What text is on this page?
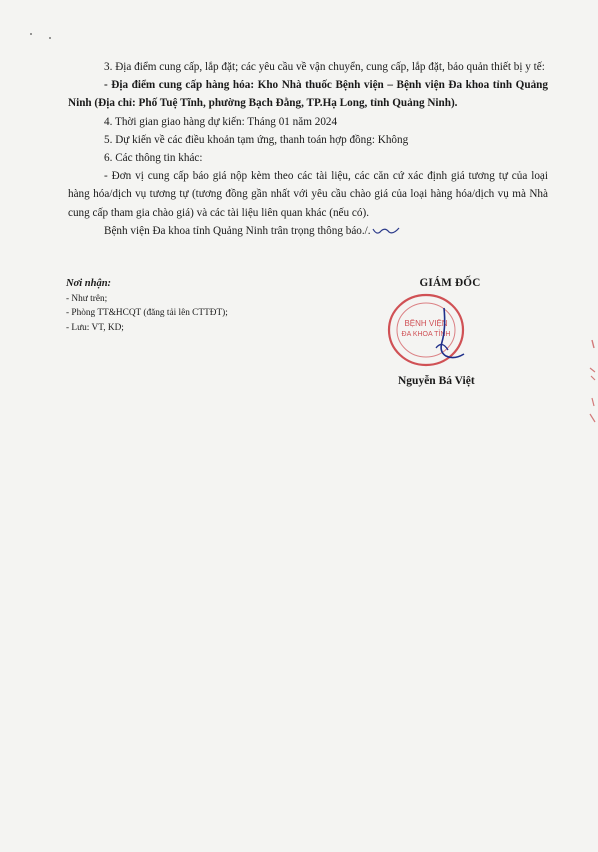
3. Địa điểm cung cấp, lắp đặt; các yêu cầu về vận chuyển, cung cấp, lắp đặt, bảo quản thiết bị y tế:

- Địa điểm cung cấp hàng hóa: Kho Nhà thuốc Bệnh viện – Bệnh viện Đa khoa tỉnh Quảng Ninh (Địa chỉ: Phố Tuệ Tĩnh, phường Bạch Đằng, TP.Hạ Long, tỉnh Quảng Ninh).

4. Thời gian giao hàng dự kiến: Tháng 01 năm 2024

5. Dự kiến về các điều khoản tạm ứng, thanh toán hợp đồng: Không

6. Các thông tin khác:

- Đơn vị cung cấp báo giá nộp kèm theo các tài liệu, các căn cứ xác định giá tương tự của loại hàng hóa/dịch vụ tương tự (tương đồng gần nhất với yêu cầu chào giá của loại hàng hóa/dịch vụ mà Nhà cung cấp tham gia chào giá) và các tài liệu liên quan khác (nếu có).

Bệnh viện Đa khoa tỉnh Quảng Ninh trân trọng thông báo./.

Nơi nhận:
- Như trên;
- Phòng TT&HCQT (đăng tải lên CTTĐT);
- Lưu: VT, KD;
GIÁM ĐỐC
BỆNH VIỆN
ĐA KHOA TỈNH
Nguyễn Bá Việt
